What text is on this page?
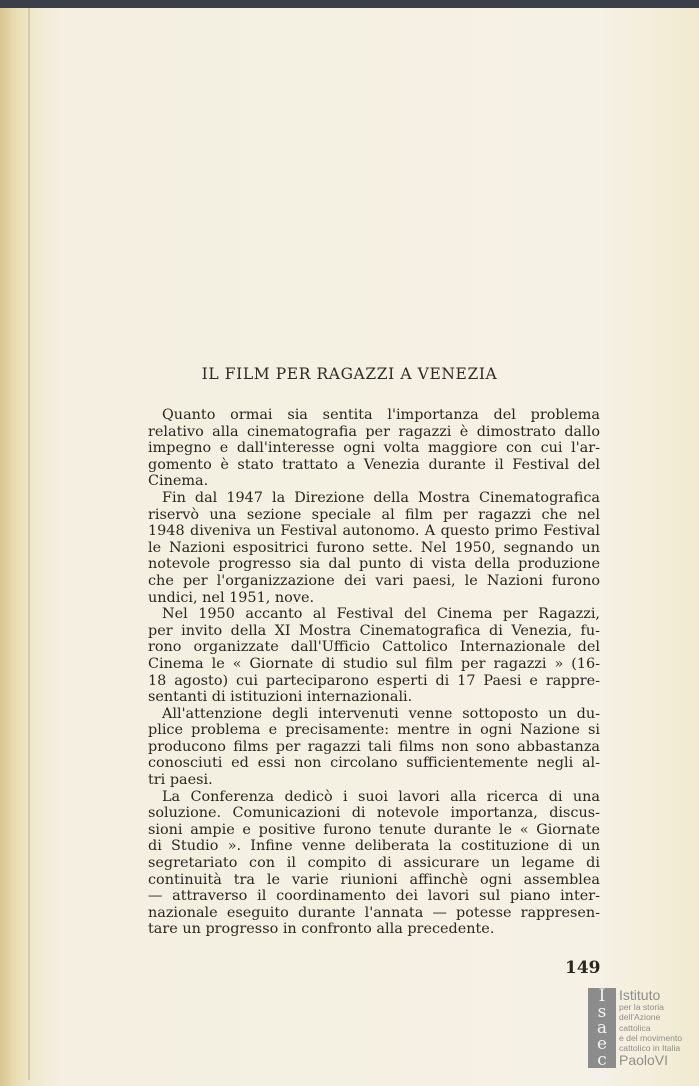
IL FILM PER RAGAZZI A VENEZIA
Quanto ormai sia sentita l'importanza del problema
relativo alla cinematografia per ragazzi è dimostrato dallo
impegno e dall'interesse ogni volta maggiore con cui l'ar-
gomento è stato trattato a Venezia durante il Festival del
Cinema.
Fin dal 1947 la Direzione della Mostra Cinematografica
riservò una sezione speciale al film per ragazzi che nel
1948 diveniva un Festival autonomo. A questo primo Festival
le Nazioni espositrici furono sette. Nel 1950, segnando un
notevole progresso sia dal punto di vista della produzione
che per l'organizzazione dei vari paesi, le Nazioni furono
undici, nel 1951, nove.
Nel 1950 accanto al Festival del Cinema per Ragazzi,
per invito della XI Mostra Cinematografica di Venezia, fu-
rono organizzate dall'Ufficio Cattolico Internazionale del
Cinema le « Giornate di studio sul film per ragazzi » (16-
18 agosto) cui parteciparono esperti di 17 Paesi e rappre-
sentanti di istituzioni internazionali.
All'attenzione degli intervenuti venne sottoposto un du-
plice problema e precisamente: mentre in ogni Nazione si
producono films per ragazzi tali films non sono abbastanza
conosciuti ed essi non circolano sufficientemente negli al-
tri paesi.
La Conferenza dedicò i suoi lavori alla ricerca di una
soluzione. Comunicazioni di notevole importanza, discus-
sioni ampie e positive furono tenute durante le « Giornate
di Studio ». Infine venne deliberata la costituzione di un
segretariato con il compito di assicurare un legame di
continuità tra le varie riunioni affinchè ogni assemblea
— attraverso il coordinamento dei lavori sul piano inter-
nazionale eseguito durante l'annata — potesse rappresen-
tare un progresso in confronto alla precedente.
149
I
s
a
e
c
m
Istituto
per la storia
dell'Azione cattolica
e del movimento
cattolico in Italia
PaoloVI
